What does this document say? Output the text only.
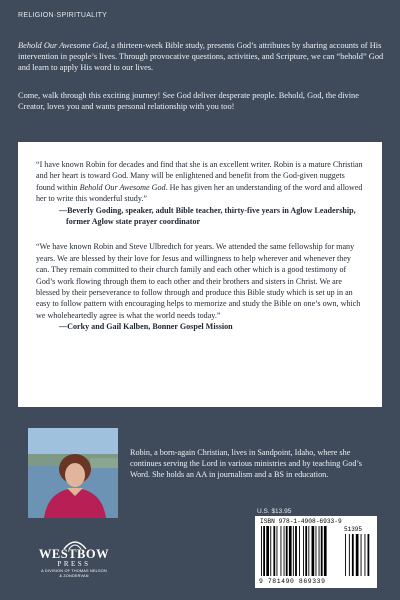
RELIGION·SPIRITUALITY

Behold Our Awesome God, a thirteen-week Bible study, presents God’s attributes by sharing accounts of His intervention in people’s lives. Through provocative questions, activities, and Scripture, we can “behold” God and learn to apply His word to our lives.

Come, walk through this exciting journey! See God deliver desperate people. Behold, God, the divine Creator, loves you and wants personal relationship with you too!

“I have known Robin for decades and find that she is an excellent writer. Robin is a mature Christian and her heart is toward God. Many will be enlightened and benefit from the God-given nuggets found within Behold Our Awesome God. He has given her an understanding of the word and allowed her to write this wonderful study.”

—Beverly Goding, speaker, adult Bible teacher, thirty-five years in Aglow Leadership, former Aglow state prayer coordinator

“We have known Robin and Steve Ulbredtch for years. We attended the same fellowship for many years. We are blessed by their love for Jesus and willingness to help wherever and whenever they can. They remain committed to their church family and each other which is a good testimony of God’s work flowing through them to each other and their brothers and sisters in Christ. We are blessed by their perseverance to follow through and produce this Bible study which is set up in an easy to follow pattern with encouraging helps to memorize and study the Bible on one’s own, which we wholeheartedly agree is what the world needs today.”

—Corky and Gail Kalben, Bonner Gospel Mission

Robin, a born-again Christian, lives in Sandpoint, Idaho, where she continues serving the Lord in various ministries and by teaching God’s Word. She holds an AA in journalism and a BS in education.

U.S. $13.95
ISBN 978-1-4908-6933-9
51395
9 781490 869339
WESTBOW
PRESS
A DIVISION OF THOMAS NELSON
& ZONDERVAN
